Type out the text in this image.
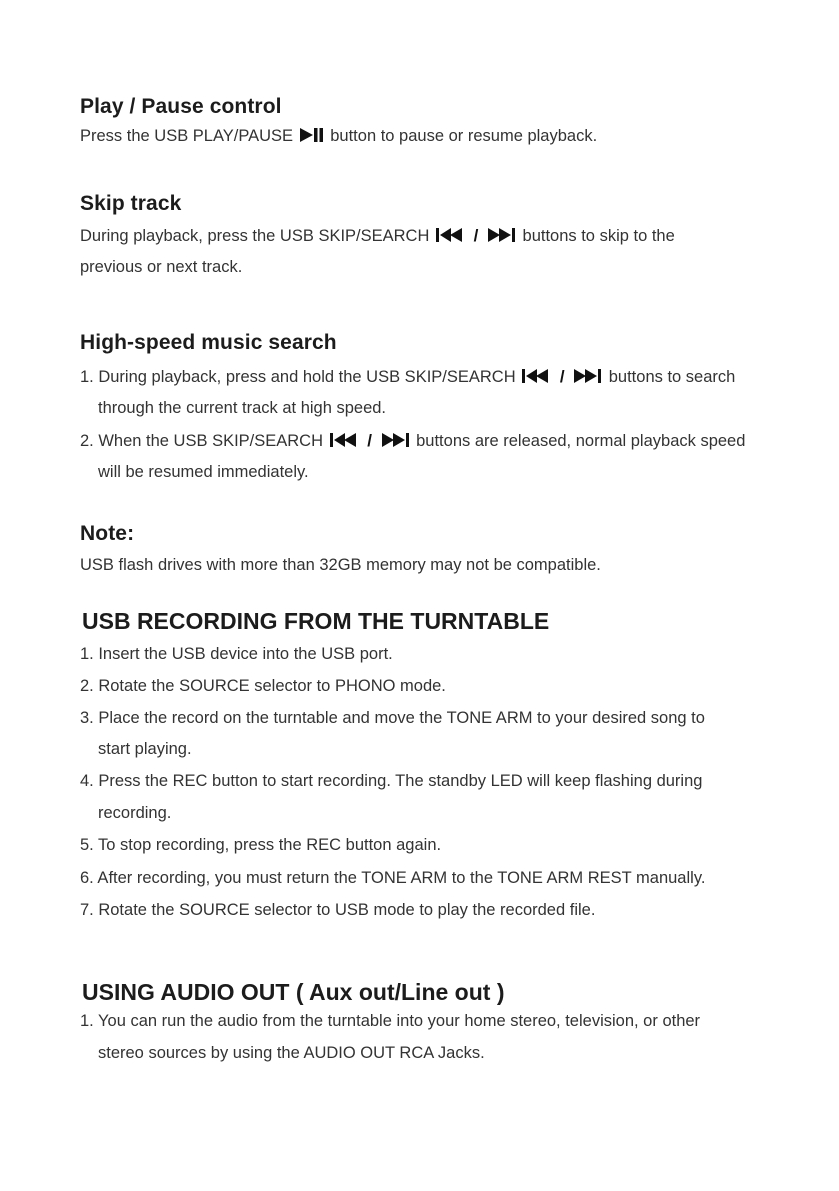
Play / Pause control
Press the USB PLAY/PAUSE button to pause or resume playback.
Skip track
During playback, press the USB SKIP/SEARCH	/	buttons to skip to the
previous or next track.
High-speed music search
1. During playback, press and hold the USB SKIP/SEARCH	/	buttons to search
through the current track at high speed.
2. When the USB SKIP/SEARCH	/	buttons are released, normal playback speed
will be resumed immediately.
Note:
USB flash drives with more than 32GB memory may not be compatible.
USB RECORDING FROM THE TURNTABLE
1. Insert the USB device into the USB port.
2. Rotate the SOURCE selector to PHONO mode.
3. Place the record on the turntable and move the TONE ARM to your desired song to
start playing.
4. Press the REC button to start recording. The standby LED will keep flashing during
recording.
5. To stop recording, press the REC button again.
6. After recording, you must return the TONE ARM to the TONE ARM REST manually.
7. Rotate the SOURCE selector to USB mode to play the recorded file.
USING AUDIO OUT ( Aux out/Line out )
1. You can run the audio from the turntable into your home stereo, television, or other
stereo sources by using the AUDIO OUT RCA Jacks.
